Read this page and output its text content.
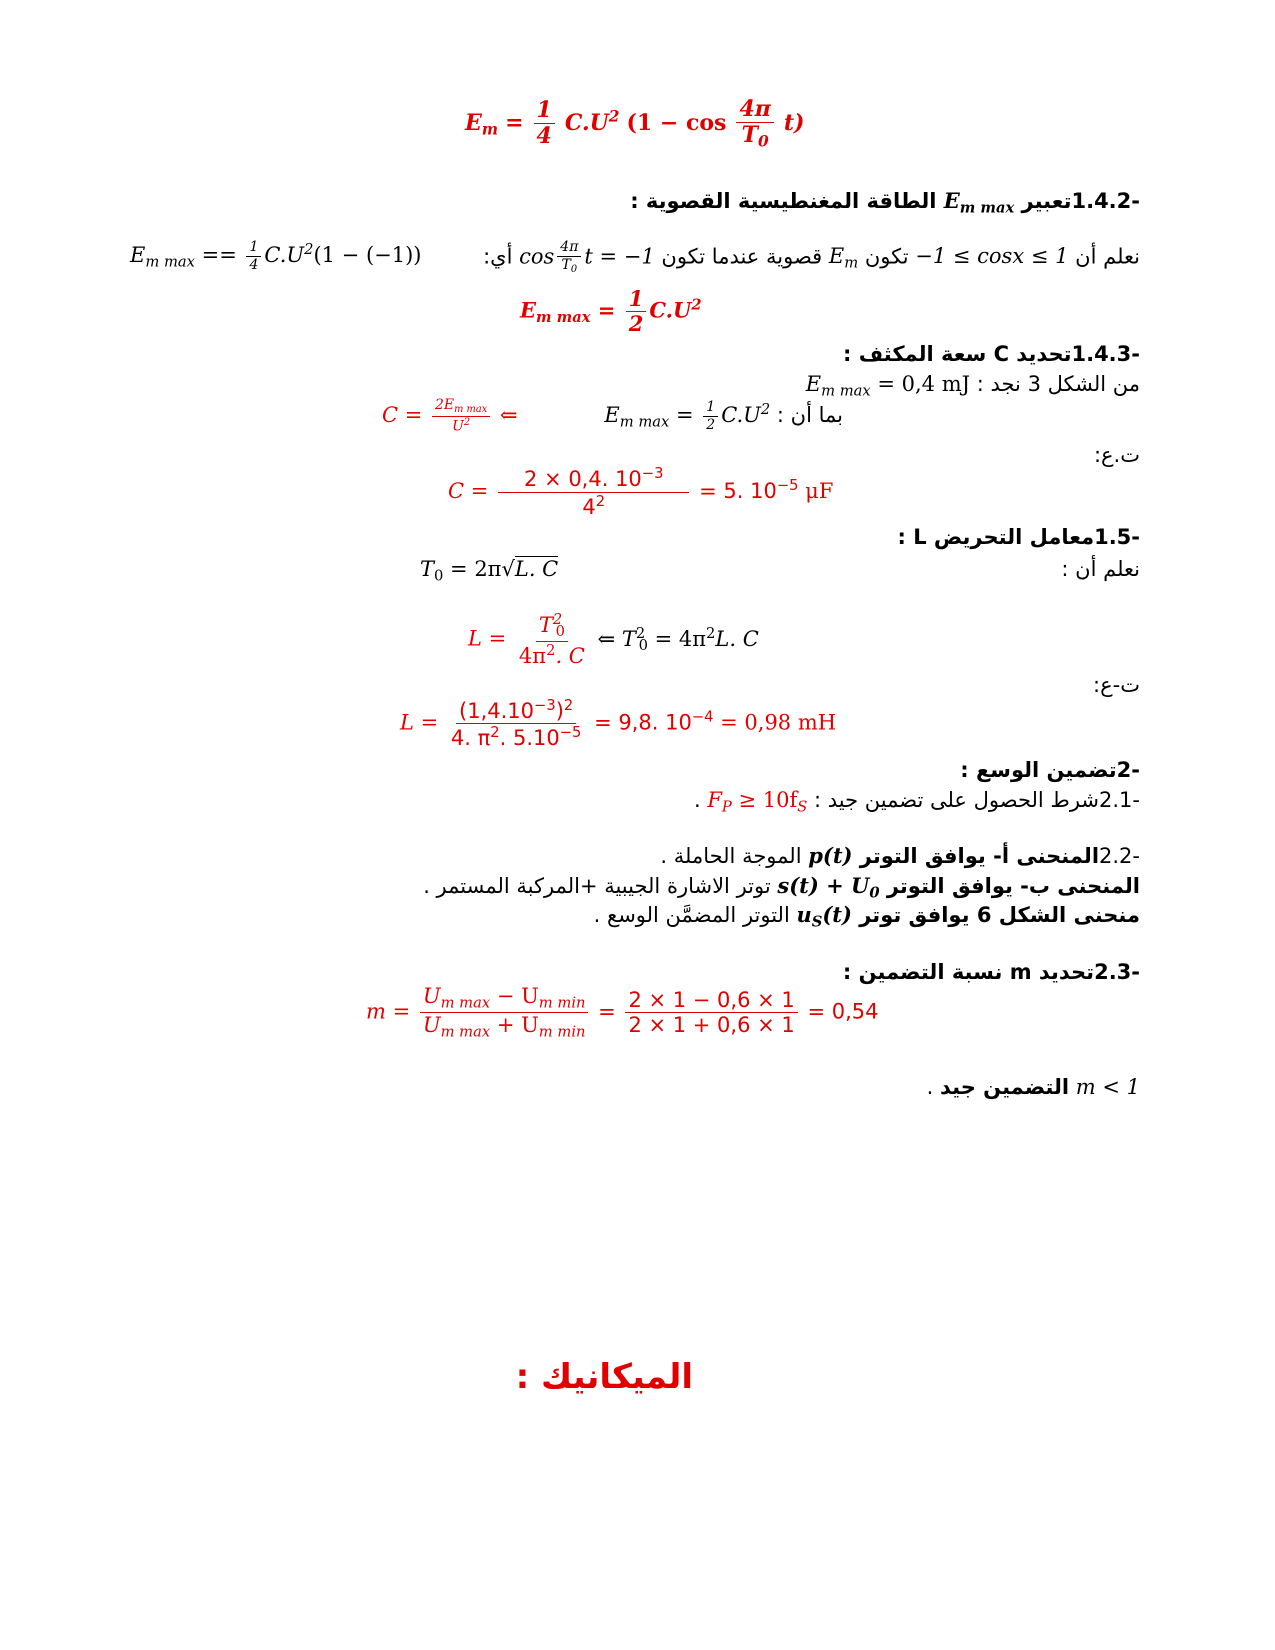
$E_m = \frac{1}{4} C.U^2$ $(1 - \cos \frac{4\pi}{T_0} t)$
-1.4.2تعبير $E_{m max}$ الطاقة المغنطيسية القصوية :
نعلم أن −1 ≤ cosx ≤ 1 تكون $E_m$ قصوية عندما تكون $\cos \frac{4\pi}{T_0}$ t = −1 أي:
$E_{m max} == \frac{1}{4} C.U^2(1 - (-1))$
$E_{m max} = \frac{1}{2} C.U^2$
-1.4.3تحديد C سعة المكثف :
من الشكل 3 نجد : $E_{m max} = 0,4$ mJ
بما أن : $E_{m max} = \frac{1}{2} C.U^2$
$C = \frac{2E_{m max}}{U^2}$ ⇐
ت.ع:
$C = \frac{2 \times 0,4. 10^{-3}}{4^2} = 5$. $10^{-5}$ μF
-1.5معامل التحريض L :
نعلم أن :
$T_0 = 2\pi√L$. C
$L = \frac{T^2_0}{4\pi^2. C}$ ⇐ $T^2_0 = 4\pi^2L$. C
ت-ع:
$L = \frac{(1,4.10^{-3})^2}{4. \pi^2. 5.10^{-5}} = 9,8$. $10^{-4} = 0,98$ mH
-2تضمين الوسع :
-2.1شرط الحصول على تضمين جيد : $F_P \ge 10f_S$ .
-2.2المنحنى أ- يوافق التوتر p(t) الموجة الحاملة .
المنحنى ب- يوافق التوتر $s(t) + U_0$ توتر الاشارة الجيبية +المركبة المستمر .
منحنى الشكل 6 يوافق توتر $u_S(t)$ التوتر المضمَّن الوسع .
-2.3تحديد m نسبة التضمين :
$m = \frac{U_{m max} - U_{m min}}{U_{m max} + U_{m min}} = \frac{2 \times 1 - 0,6 \times 1}{2 \times 1 + 0,6 \times 1} = 0,54$
m < 1 التضمين جيد .
الميكانيك :
